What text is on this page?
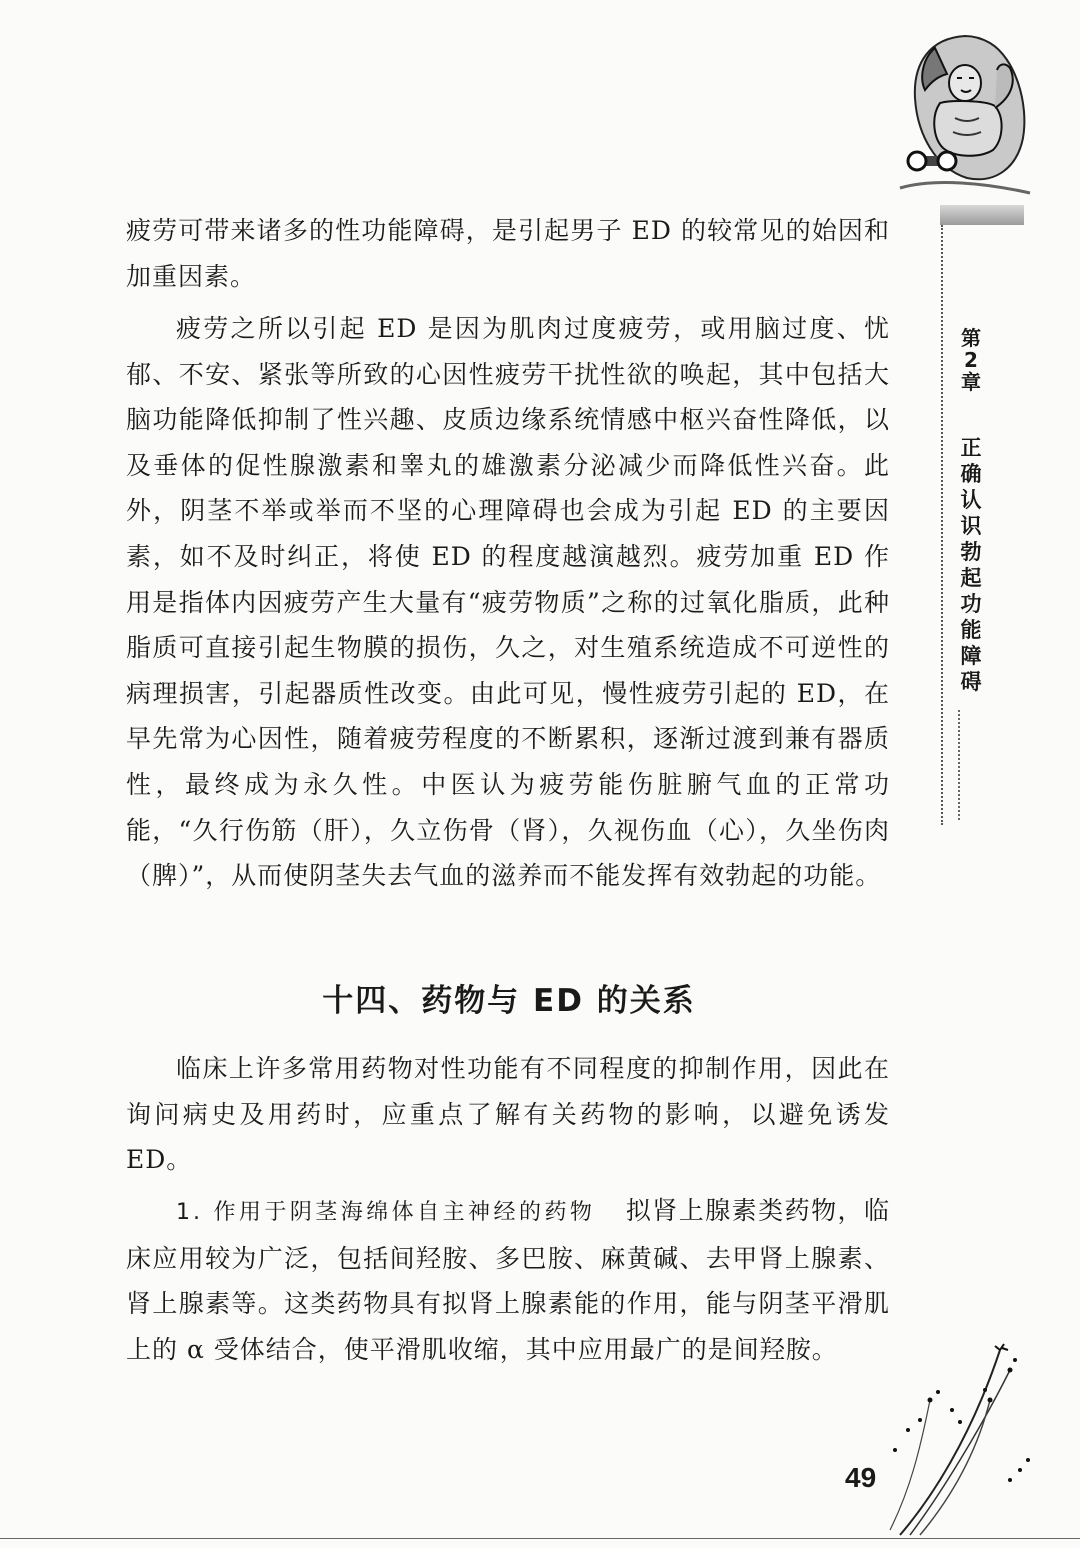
第2章
正确认识勃起功能障碍

疲劳可带来诸多的性功能障碍，是引起男子 ED 的较常见的始因和加重因素。

疲劳之所以引起 ED 是因为肌肉过度疲劳，或用脑过度、忧郁、不安、紧张等所致的心因性疲劳干扰性欲的唤起，其中包括大脑功能降低抑制了性兴趣、皮质边缘系统情感中枢兴奋性降低，以及垂体的促性腺激素和睾丸的雄激素分泌减少而降低性兴奋。此外，阴茎不举或举而不坚的心理障碍也会成为引起 ED 的主要因素，如不及时纠正，将使 ED 的程度越演越烈。疲劳加重 ED 作用是指体内因疲劳产生大量有“疲劳物质”之称的过氧化脂质，此种脂质可直接引起生物膜的损伤，久之，对生殖系统造成不可逆性的病理损害，引起器质性改变。由此可见，慢性疲劳引起的 ED，在早先常为心因性，随着疲劳程度的不断累积，逐渐过渡到兼有器质性，最终成为永久性。中医认为疲劳能伤脏腑气血的正常功能，“久行伤筋（肝），久立伤骨（肾），久视伤血（心），久坐伤肉（脾）”，从而使阴茎失去气血的滋养而不能发挥有效勃起的功能。

十四、药物与 ED 的关系

临床上许多常用药物对性功能有不同程度的抑制作用，因此在询问病史及用药时，应重点了解有关药物的影响，以避免诱发 ED。

1. 作用于阴茎海绵体自主神经的药物 拟肾上腺素类药物，临床应用较为广泛，包括间羟胺、多巴胺、麻黄碱、去甲肾上腺素、肾上腺素等。这类药物具有拟肾上腺素能的作用，能与阴茎平滑肌上的 α 受体结合，使平滑肌收缩，其中应用最广的是间羟胺。

49
